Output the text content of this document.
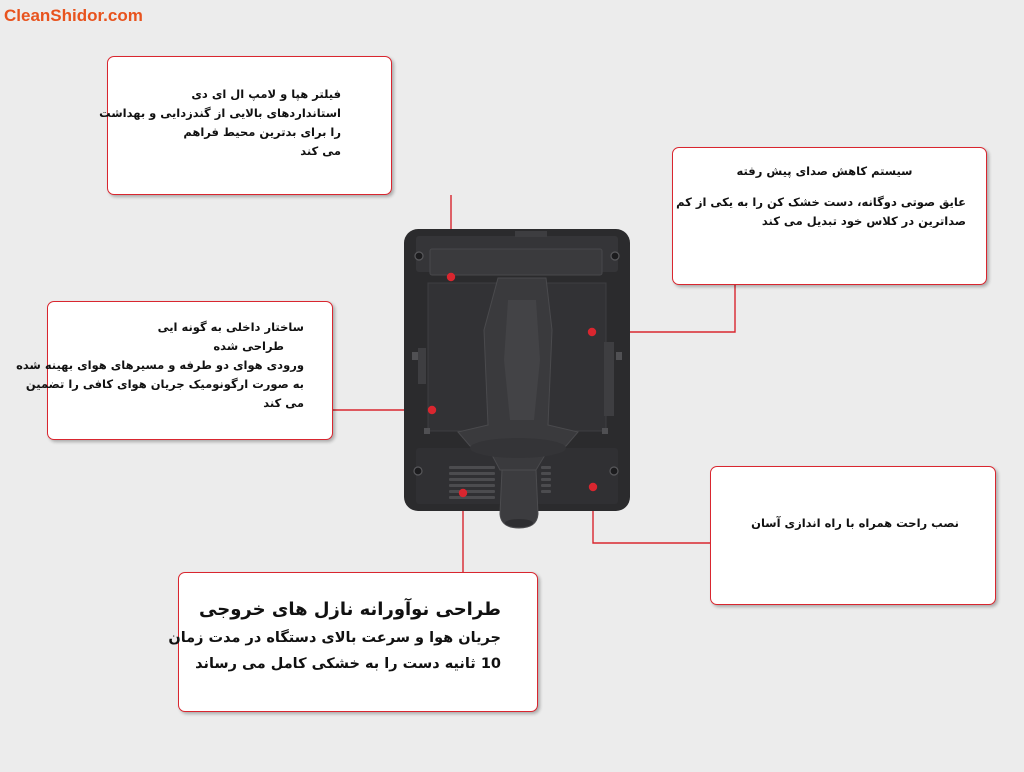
CleanShidor.com
فیلتر هپا و لامپ ال ای دی
استانداردهای بالایی از گندزدایی و بهداشت
را برای بدترین محیط فراهم
می کند
سیستم کاهش صدای پیش رفته
عایق صوتی دوگانه، دست خشک کن را به یکی از کم
صداترین در کلاس خود تبدیل می کند
ساختار داخلی به گونه ایی
طراحی شده
ورودی هوای دو طرفه و مسیرهای هوای بهینه شده
به صورت ارگونومیک جریان هوای کافی را تضمین
می کند
نصب راحت همراه با راه اندازی آسان
طراحی نوآورانه نازل های خروجی
جریان هوا و سرعت بالای دستگاه در مدت زمان
10 ثانیه دست را به خشکی کامل می رساند
